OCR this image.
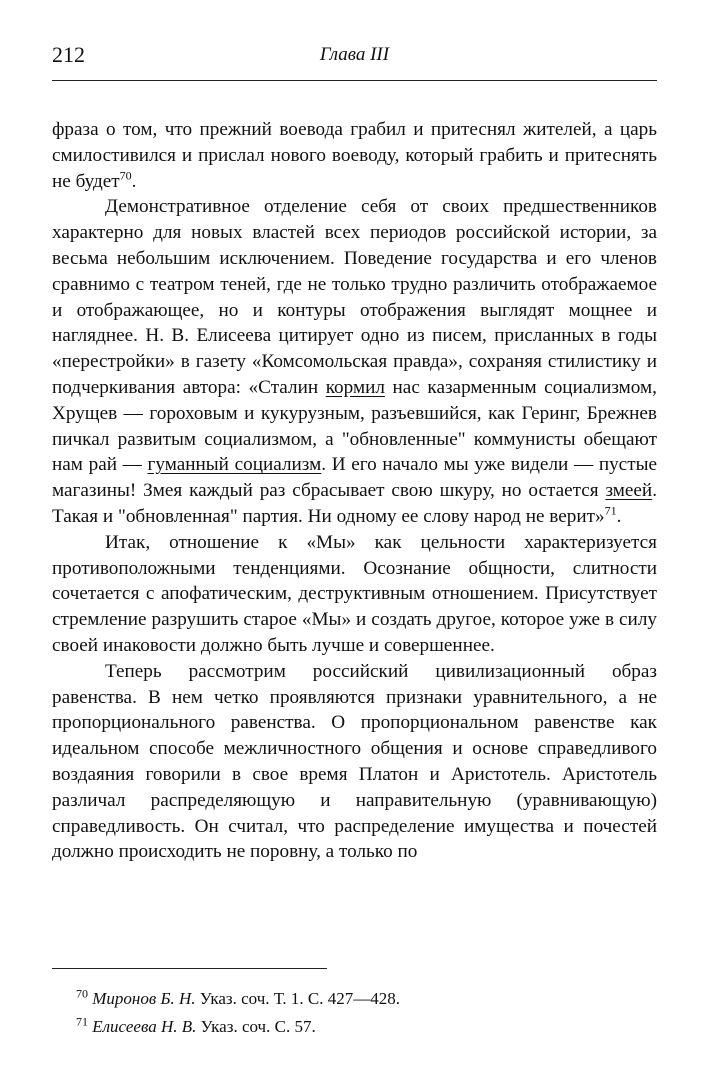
212	Глава III

фраза о том, что прежний воевода грабил и притеснял жителей, а царь смилостивился и прислал нового воеводу, который грабить и притеснять не будет$^{70}$.

Демонстративное отделение себя от своих предшественников характерно для новых властей всех периодов российской истории, за весьма небольшим исключением. Поведение государства и его членов сравнимо с театром теней, где не только трудно различить отображаемое и отображающее, но и контуры отображения выглядят мощнее и нагляднее. Н. В. Елисеева цитирует одно из писем, присланных в годы «перестройки» в газету «Комсомольская правда», сохраняя стилистику и подчеркивания автора: «Сталин кормил нас казарменным социализмом, Хрущев — гороховым и кукурузным, разъевшийся, как Геринг, Брежнев пичкал развитым социализмом, а "обновленные" коммунисты обещают нам рай — гуманный социализм. И его начало мы уже видели — пустые магазины! Змея каждый раз сбрасывает свою шкуру, но остается змеей. Такая и "обновленная" партия. Ни одному ее слову народ не верит»$^{71}$.

Итак, отношение к «Мы» как цельности характеризуется противоположными тенденциями. Осознание общности, слитности сочетается с апофатическим, деструктивным отношением. Присутствует стремление разрушить старое «Мы» и создать другое, которое уже в силу своей инаковости должно быть лучше и совершеннее.

Теперь рассмотрим российский цивилизационный образ равенства. В нем четко проявляются признаки уравнительного, а не пропорционального равенства. О пропорциональном равенстве как идеальном способе межличностного общения и основе справедливого воздаяния говорили в свое время Платон и Аристотель. Аристотель различал распределяющую и направительную (уравнивающую) справедливость. Он считал, что распределение имущества и почестей должно происходить не поровну, а только по

$^{70}$ Миронов Б. Н. Указ. соч. Т. 1. С. 427—428.
$^{71}$ Елисеева Н. В. Указ. соч. С. 57.
